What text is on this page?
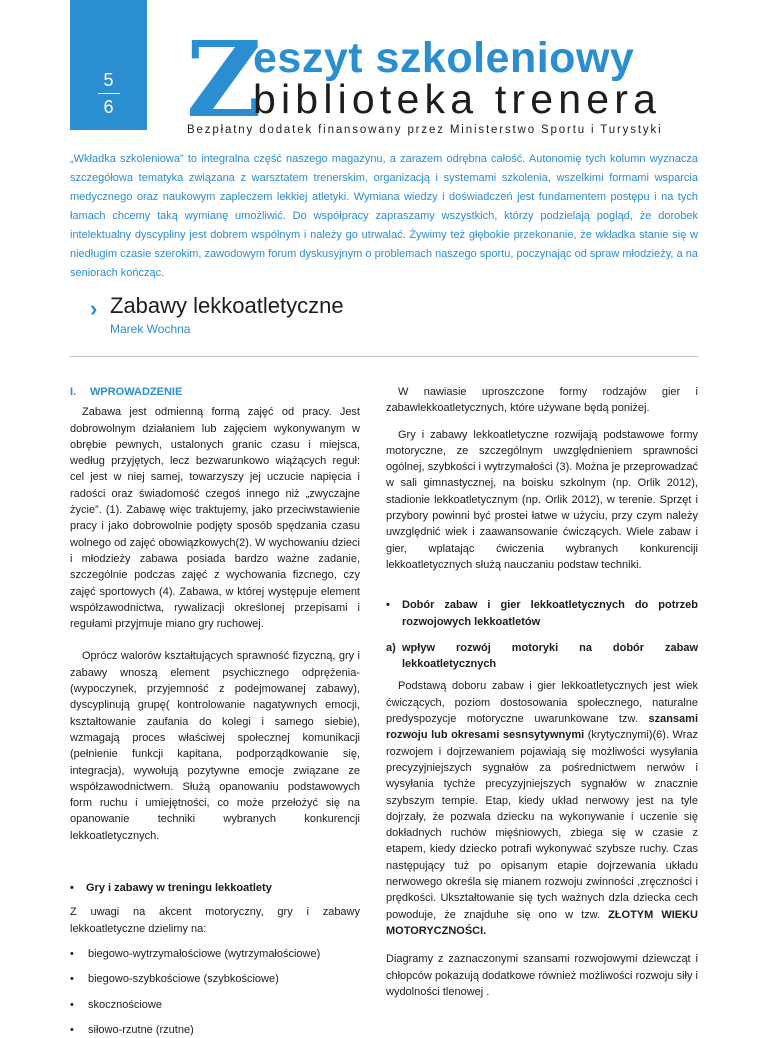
5
6 Z
eszyt szkoleniowy
biblioteka trenera
Bezpłatny dodatek finansowany przez Ministerstwo Sportu i Turystyki
„Wkładka szkoleniowa” to integralna część naszego magazynu, a zarazem odrębna całość. Autonomię tych kolumn wyznacza szczegółowa tematyka związana z warsztatem trenerskim, organizacją i systemami szkolenia, wszelkimi formami wsparcia medycznego oraz naukowym zapleczem lekkiej atletyki. Wymiana wiedzy i doświadczeń jest fundamentem postępu i na tych łamach chcemy taką wymianę umożliwić. Do współpracy zapraszamy wszystkich, którzy podzielają pogląd, że dorobek intelektualny dyscypliny jest dobrem wspólnym i należy go utrwalać. Żywimy też głębokie przekonanie, że wkładka stanie się w niedługim czasie szerokim, zawodowym forum dyskusyjnym o problemach naszego sportu, poczynając od spraw młodzieży, a na seniorach kończąc.
› Zabawy lekkoatletyczne
Marek Wochna
I. WPROWADZENIE

Zabawa jest odmienną formą zajęć od pracy. Jest dobrowolnym działaniem lub zajęciem wykonywanym w obrębie pewnych, ustalonych granic czasu i miejsca, według przyjętych, lecz bezwarunkowo wiążących reguł: cel jest w niej samej, towarzyszy jej uczucie napięcia i radości oraz świadomość czegoś innego niż „zwyczajne życie”. (1). Zabawę więc traktujemy, jako przeciwstawienie pracy i jako dobrowolnie podjęty sposób spędzania czasu wolnego od zajęć obowiązkowych(2). W wychowaniu dzieci i młodzieży zabawa posiada bardzo ważne zadanie, szczególnie podczas zajęć z wychowania fizcnego, czy zajęć sportowych (4). Zabawa, w której występuje element współzawodnictwa, rywalizacji określonej przepisami i regułami przyjmuje miano gry ruchowej.

Oprócz walorów kształtujących sprawność fizyczną, gry i zabawy wnoszą element psychicznego odprężenia- (wypoczynek, przyjemność z podejmowanej zabawy), dyscyplinują grupę( kontrolowanie nagatywnych emocji, kształtowanie zaufania do kolegi i samego siebie), wzmagają proces właściwej społecznej komunikacji (pełnienie funkcji kapitana, podporządkowanie się, integracja), wywołują pozytywne emocje związane ze współzawodnictwem. Służą opanowaniu podstawowych form ruchu i umiejętności, co może przełożyć się na opanowanie techniki wybranych konkurencji lekkoatletycznych.

• Gry i zabawy w treningu lekkoatlety

Z uwagi na akcent motoryczny, gry i zabawy lekkoatletyczne dzielimy na:

• biegowo-wytrzymałościowe (wytrzymałościowe)

• biegowo-szybkościowe (szybkościowe)

• skocznościowe

• siłowo-rzutne (rzutne)

W nawiasie uproszczone formy rodzajów gier i zabawlekkoatletycznych, które używane będą poniżej.

Gry i zabawy lekkoatletyczne rozwijają podstawowe formy motoryczne, ze szczególnym uwzględnieniem sprawności ogólnej, szybkości i wytrzymałości (3). Można je przeprowadzać w sali gimnastycznej, na boisku szkolnym (np. Orlik 2012), stadionie lekkoatletycznym (np. Orlik 2012), w terenie. Sprzęt i przybory powinni być prostei łatwe w użyciu, przy czym należy uwzględnić wiek i zaawansowanie ćwiczących. Wiele zabaw i gier, wplatając ćwiczenia wybranych konkurenciji lekkoatletycznych służą nauczaniu podstaw techniki.

• Dobór zabaw i gier lekkoatletycznych do potrzeb rozwojowych lekkoatletów

a) wpływ rozwój motoryki na dobór zabaw lekkoatletycznych

Podstawą doboru zabaw i gier lekkoatletycznych jest wiek ćwiczących, poziom dostosowania społecznego, naturalne predyspozycje motoryczne uwarunkowane tzw. szansami rozwoju lub okresami sesnsytywnymi (krytycznymi)(6). Wraz rozwojem i dojrzewaniem pojawiają się możliwości wysyłania precyzyjniejszych sygnałów za pośrednictwem nerwów i wysyłania tychże precyzyjniejszych sygnałów w znacznie szybszym tempie. Etap, kiedy układ nerwowy jest na tyle dojrzały, że pozwala dziecku na wykonywanie i uczenie się dokładnych ruchów mięśniowych, zbiega się w czasie z etapem, kiedy dziecko potrafi wykonywać szybsze ruchy. Czas następujący tuż po opisanym etapie dojrzewania układu nerwowego określa się mianem rozwoju zwinności ,zręczności i prędkości. Ukształtowanie się tych ważnych dzla dziecka cech powoduje, że znajduhe się ono w tzw. ZŁOTYM WIEKU MOTORYCZNOŚCI.

Diagramy z zaznaczonymi szansami rozwojowymi dziewcząt i chłopców pokazują dodatkowe również możliwości rozwoju siły i wydolności tlenowej .
